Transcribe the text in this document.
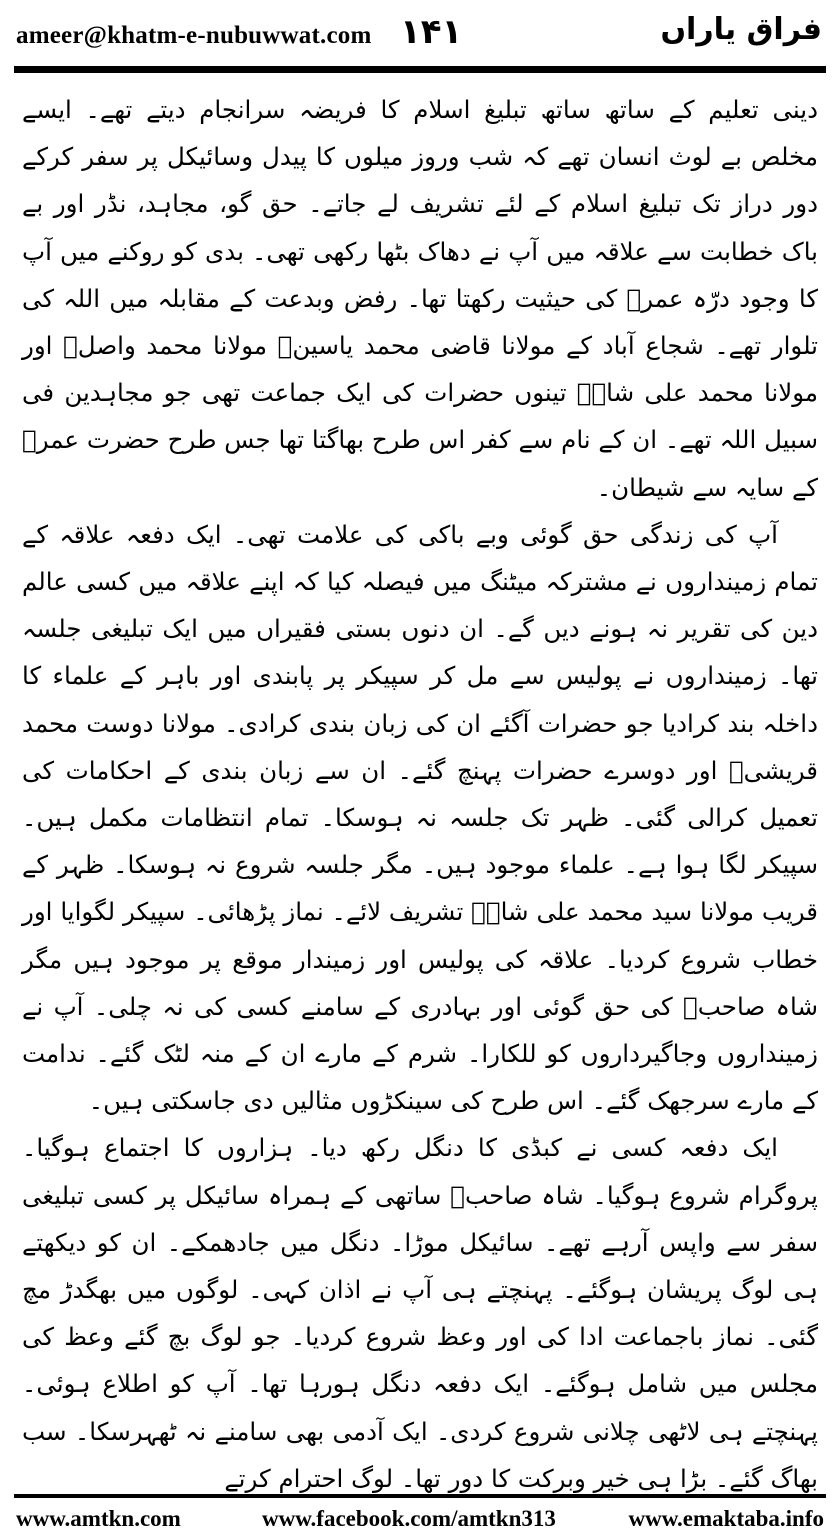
ameer@khatm-e-nubuwwat.com ۱۴۱	فراق یاراں

دینی تعلیم کے ساتھ ساتھ تبلیغ اسلام کا فریضہ سرانجام دیتے تھے۔ ایسے مخلص بے لوث انسان تھے کہ شب وروز میلوں کا پیدل وسائیکل پر سفر کرکے دور دراز تک تبلیغ اسلام کے لئے تشریف لے جاتے۔ حق گو، مجاہد، نڈر اور بے باک خطابت سے علاقہ میں آپ نے دھاک بٹھا رکھی تھی۔ بدی کو روکنے میں آپ کا وجود درّہ عمرؓ کی حیثیت رکھتا تھا۔ رفض وبدعت کے مقابلہ میں اللہ کی تلوار تھے۔ شجاع آباد کے مولانا قاضی محمد یاسینؒ مولانا محمد واصلؒ اور مولانا محمد علی شاہؒ تینوں حضرات کی ایک جماعت تھی جو مجاہدین فی سبیل اللہ تھے۔ ان کے نام سے کفر اس طرح بھاگتا تھا جس طرح حضرت عمرؓ کے سایہ سے شیطان۔

آپ کی زندگی حق گوئی وبے باکی کی علامت تھی۔ ایک دفعہ علاقہ کے تمام زمینداروں نے مشترکہ میٹنگ میں فیصلہ کیا کہ اپنے علاقہ میں کسی عالم دین کی تقریر نہ ہونے دیں گے۔ ان دنوں بستی فقیراں میں ایک تبلیغی جلسہ تھا۔ زمینداروں نے پولیس سے مل کر سپیکر پر پابندی اور باہر کے علماء کا داخلہ بند کرادیا جو حضرات آگئے ان کی زبان بندی کرادی۔ مولانا دوست محمد قریشیؒ اور دوسرے حضرات پہنچ گئے۔ ان سے زبان بندی کے احکامات کی تعمیل کرالی گئی۔ ظہر تک جلسہ نہ ہوسکا۔ تمام انتظامات مکمل ہیں۔ سپیکر لگا ہوا ہے۔ علماء موجود ہیں۔ مگر جلسہ شروع نہ ہوسکا۔ ظہر کے قریب مولانا سید محمد علی شاہؒ تشریف لائے۔ نماز پڑھائی۔ سپیکر لگوایا اور خطاب شروع کردیا۔ علاقہ کی پولیس اور زمیندار موقع پر موجود ہیں مگر شاہ صاحبؒ کی حق گوئی اور بہادری کے سامنے کسی کی نہ چلی۔ آپ نے زمینداروں وجاگیرداروں کو للکارا۔ شرم کے مارے ان کے منہ لٹک گئے۔ ندامت کے مارے سرجھک گئے۔ اس طرح کی سینکڑوں مثالیں دی جاسکتی ہیں۔

ایک دفعہ کسی نے کبڈی کا دنگل رکھ دیا۔ ہزاروں کا اجتماع ہوگیا۔ پروگرام شروع ہوگیا۔ شاہ صاحبؒ ساتھی کے ہمراہ سائیکل پر کسی تبلیغی سفر سے واپس آرہے تھے۔ سائیکل موڑا۔ دنگل میں جادھمکے۔ ان کو دیکھتے ہی لوگ پریشان ہوگئے۔ پہنچتے ہی آپ نے اذان کہی۔ لوگوں میں بھگدڑ مچ گئی۔ نماز باجماعت ادا کی اور وعظ شروع کردیا۔ جو لوگ بچ گئے وعظ کی مجلس میں شامل ہوگئے۔ ایک دفعہ دنگل ہورہا تھا۔ آپ کو اطلاع ہوئی۔ پہنچتے ہی لاٹھی چلانی شروع کردی۔ ایک آدمی بھی سامنے نہ ٹھہرسکا۔ سب بھاگ گئے۔ بڑا ہی خیر وبرکت کا دور تھا۔ لوگ احترام کرتے

www.amtkn.com	www.facebook.com/amtkn313	www.emaktaba.info
